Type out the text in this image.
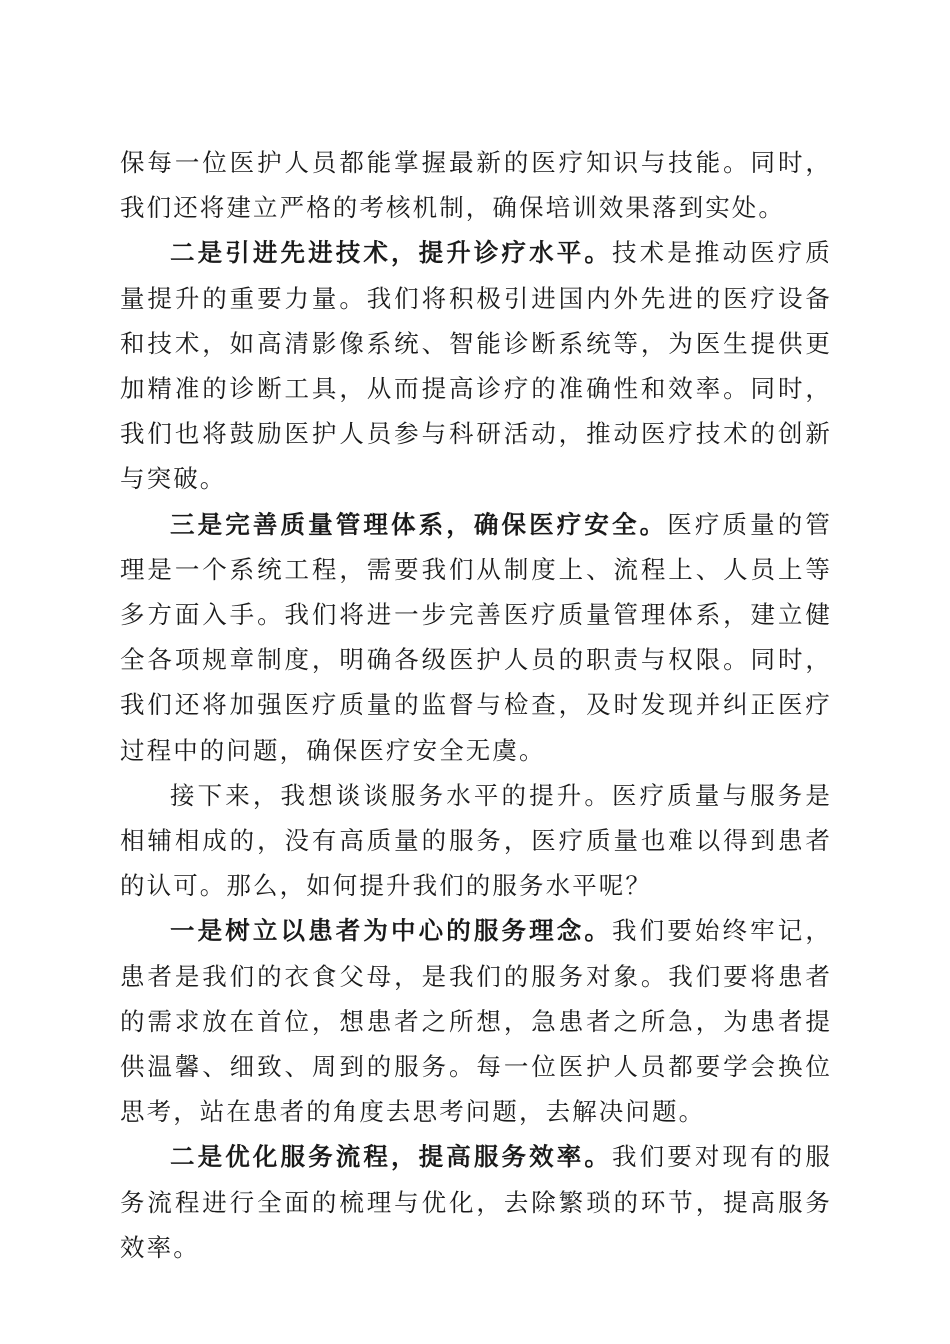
保每一位医护人员都能掌握最新的医疗知识与技能。同时，我们还将建立严格的考核机制，确保培训效果落到实处。

二是引进先进技术，提升诊疗水平。技术是推动医疗质量提升的重要力量。我们将积极引进国内外先进的医疗设备和技术，如高清影像系统、智能诊断系统等，为医生提供更加精准的诊断工具，从而提高诊疗的准确性和效率。同时，我们也将鼓励医护人员参与科研活动，推动医疗技术的创新与突破。

三是完善质量管理体系，确保医疗安全。医疗质量的管理是一个系统工程，需要我们从制度上、流程上、人员上等多方面入手。我们将进一步完善医疗质量管理体系，建立健全各项规章制度，明确各级医护人员的职责与权限。同时，我们还将加强医疗质量的监督与检查，及时发现并纠正医疗过程中的问题，确保医疗安全无虞。

接下来，我想谈谈服务水平的提升。医疗质量与服务是相辅相成的，没有高质量的服务，医疗质量也难以得到患者的认可。那么，如何提升我们的服务水平呢？

一是树立以患者为中心的服务理念。我们要始终牢记，患者是我们的衣食父母，是我们的服务对象。我们要将患者的需求放在首位，想患者之所想，急患者之所急，为患者提供温馨、细致、周到的服务。每一位医护人员都要学会换位思考，站在患者的角度去思考问题，去解决问题。

二是优化服务流程，提高服务效率。我们要对现有的服务流程进行全面的梳理与优化，去除繁琐的环节，提高服务效率。
